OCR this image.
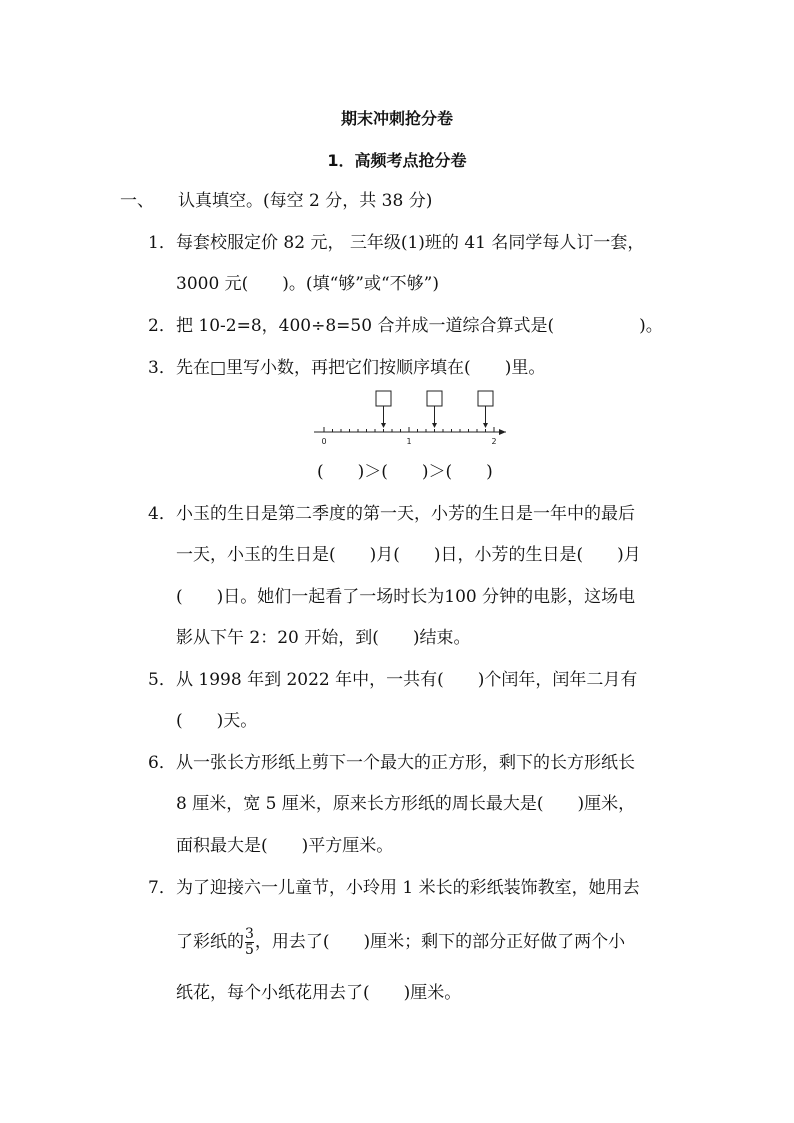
期末冲刺抢分卷
1．高频考点抢分卷
一、 认真填空。(每空 2 分，共 38 分)
1．每套校服定价 82 元， 三年级(1)班的 41 名同学每人订一套，
3000 元(　　)。(填“够”或“不够”)
2．把 10-2=8，400÷8=50 合并成一道综合算式是(　　　　　)。
3．先在□里写小数，再把它们按顺序填在(　　)里。
0	1	2
(　　)＞(　　)＞(　　)
4．小玉的生日是第二季度的第一天，小芳的生日是一年中的最后
一天，小玉的生日是(　　)月(　　)日，小芳的生日是(　　)月
(　　)日。她们一起看了一场时长为100 分钟的电影，这场电
影从下午 2：20 开始，到(　　)结束。
5．从 1998 年到 2022 年中，一共有(　　)个闰年，闰年二月有
(　　)天。
6．从一张长方形纸上剪下一个最大的正方形，剩下的长方形纸长
8 厘米，宽 5 厘米，原来长方形纸的周长最大是(　　)厘米，
面积最大是(　　)平方厘米。
7．为了迎接六一儿童节，小玲用 1 米长的彩纸装饰教室，她用去
了彩纸的 $\frac{3}{5}$ ，用去了(　　)厘米；剩下的部分正好做了两个小
纸花，每个小纸花用去了(　　)厘米。
